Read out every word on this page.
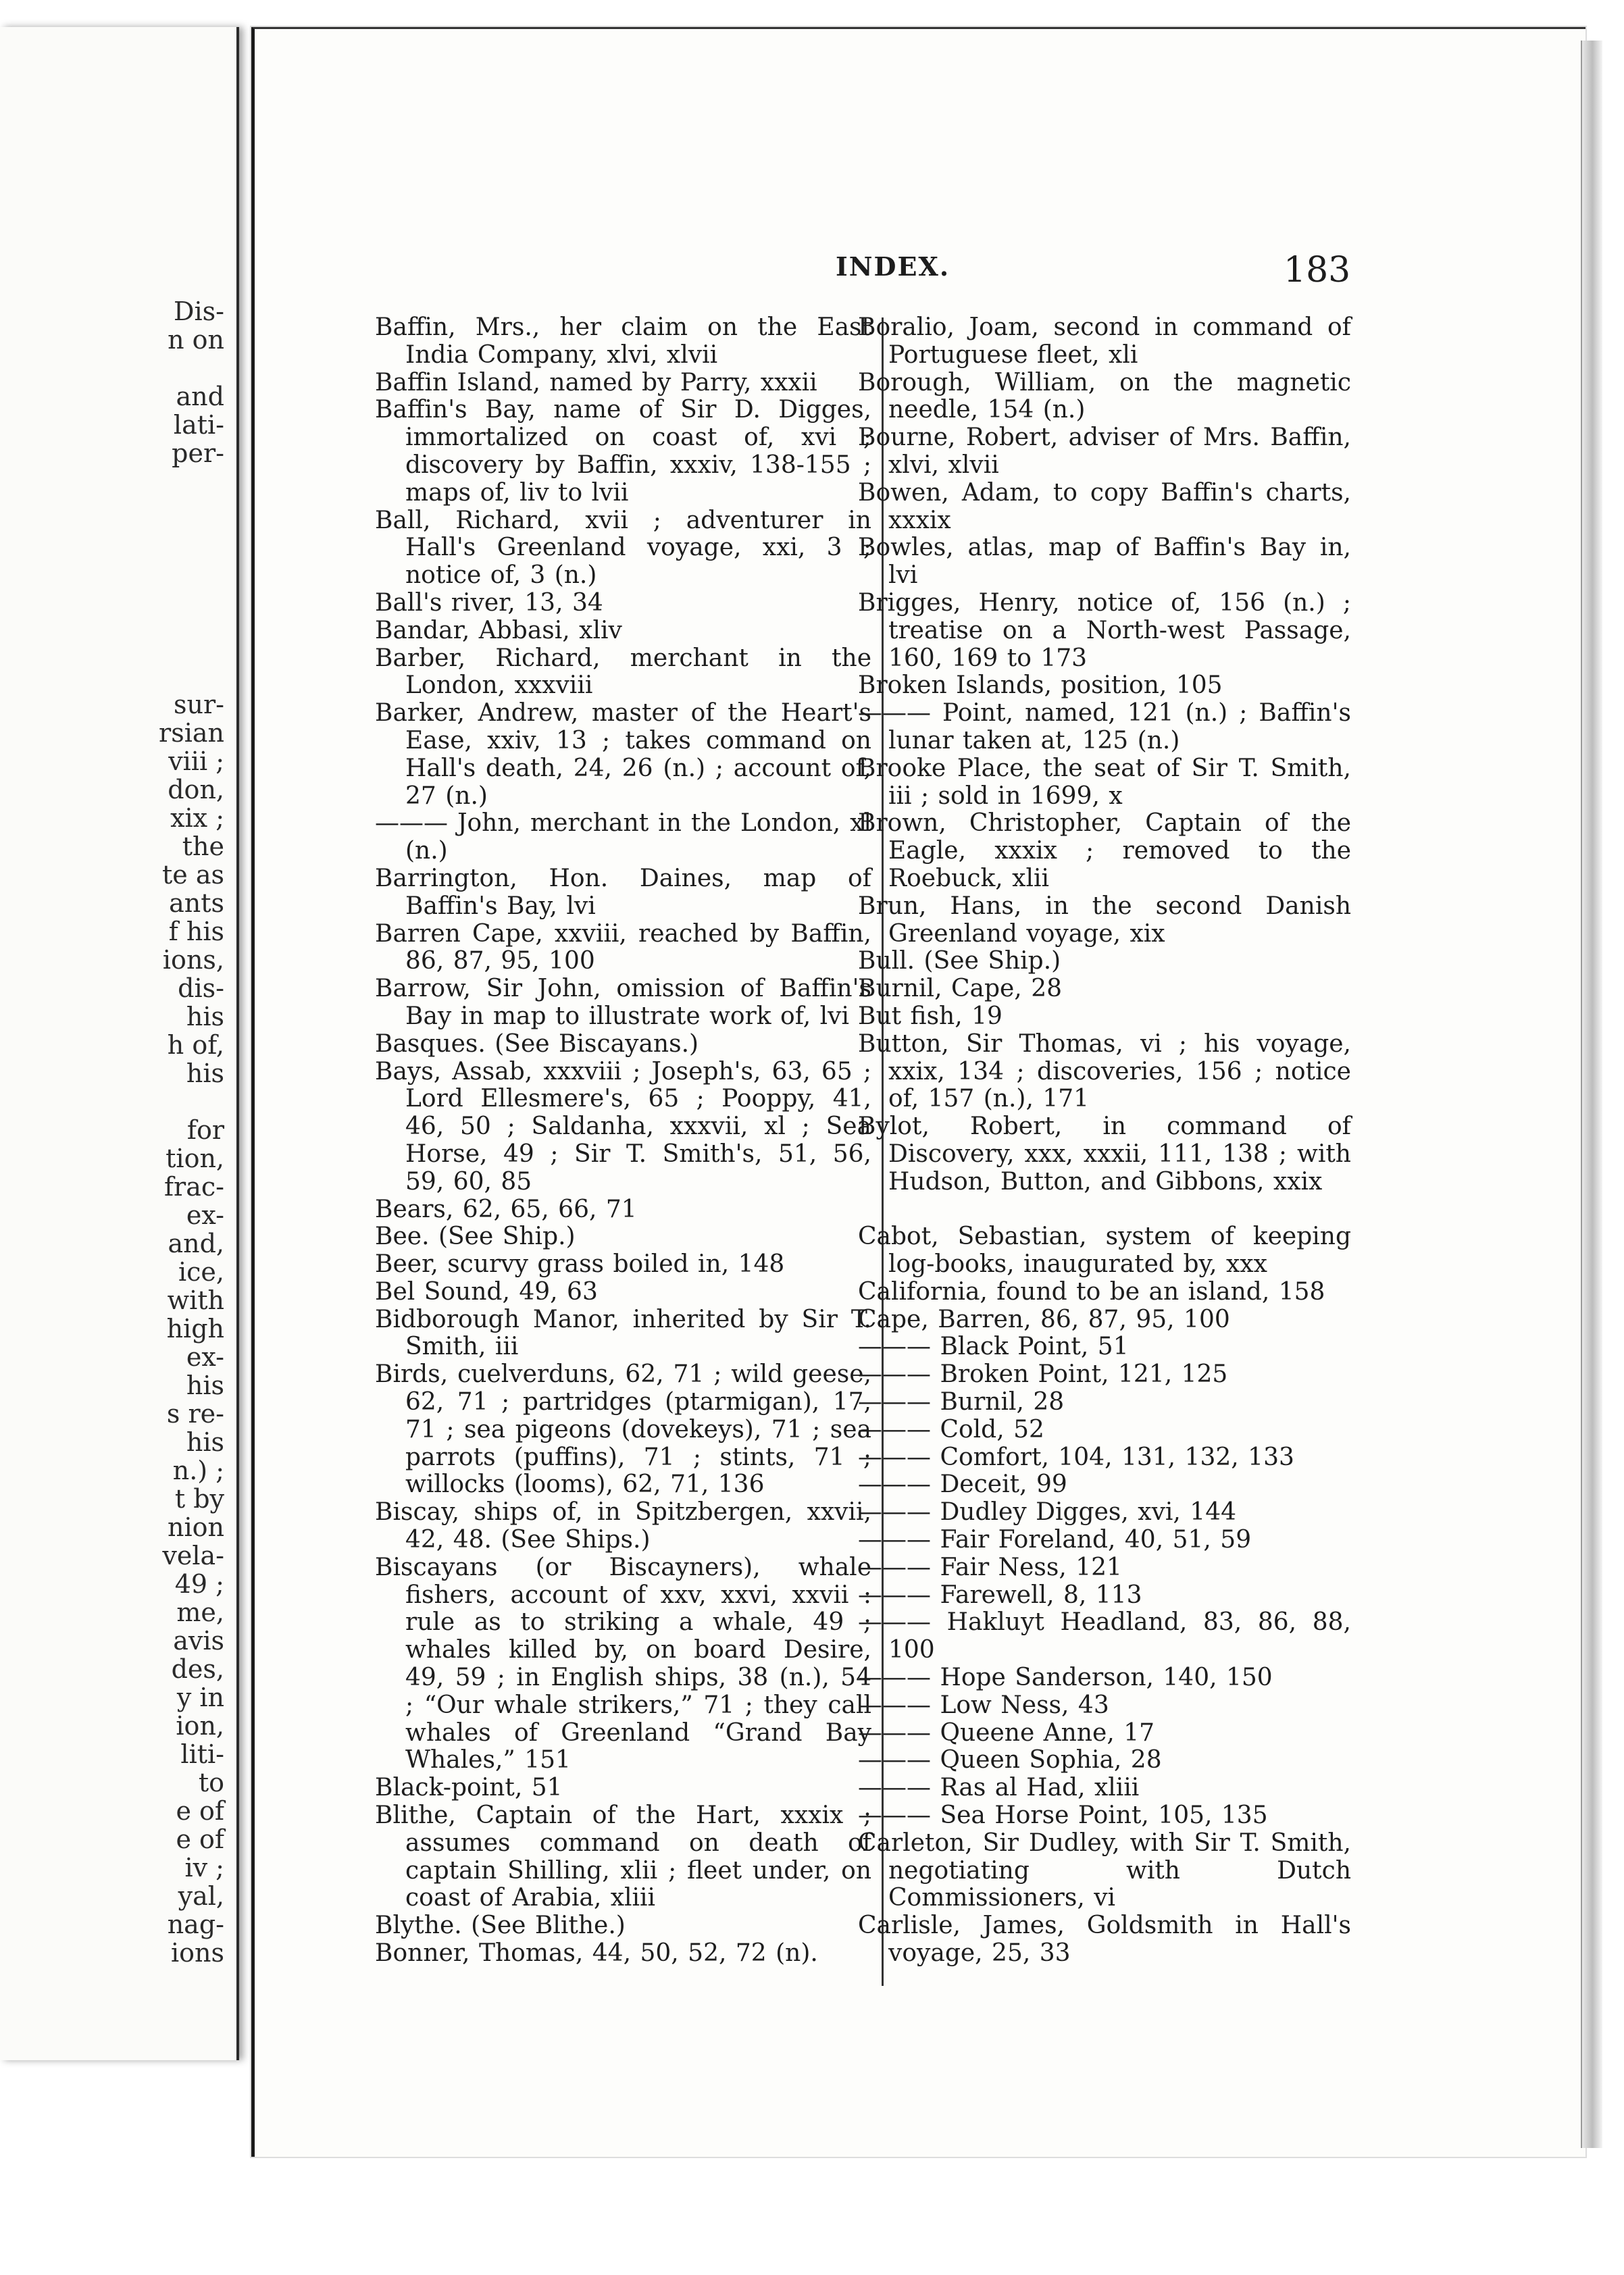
Dis-
n on
and
lati-
per-
sur-
rsian
viii ;
don,
xix ;
the
te as
ants
f his
ions,
dis-
his
h of,
his
for
tion,
frac-
ex-
and,
ice,
with
high
ex-
his
s re-
his
n.) ;
t by
nion
vela-
49 ;
me,
avis
des,
y in
ion,
liti-
to
e of
e of
iv ;
yal,
nag-
ions
INDEX.	183

Baffin, Mrs., her claim on the East India Company, xlvi, xlvii

Baffin Island, named by Parry, xxxii

Baffin's Bay, name of Sir D. Digges, immortalized on coast of, xvi ; discovery by Baffin, xxxiv, 138-155 ; maps of, liv to lvii

Ball, Richard, xvii ; adventurer in Hall's Greenland voyage, xxi, 3 ; notice of, 3 (n.)

Ball's river, 13, 34

Bandar, Abbasi, xliv

Barber, Richard, merchant in the London, xxxviii

Barker, Andrew, master of the Heart's Ease, xxiv, 13 ; takes command on Hall's death, 24, 26 (n.) ; account of, 27 (n.)

——— John, merchant in the London, xl (n.)

Barrington, Hon. Daines, map of Baffin's Bay, lvi

Barren Cape, xxviii, reached by Baffin, 86, 87, 95, 100

Barrow, Sir John, omission of Baffin's Bay in map to illustrate work of, lvi

Basques. (See Biscayans.)

Bays, Assab, xxxviii ; Joseph's, 63, 65 ; Lord Ellesmere's, 65 ; Pooppy, 41, 46, 50 ; Saldanha, xxxvii, xl ; Sea Horse, 49 ; Sir T. Smith's, 51, 56, 59, 60, 85

Bears, 62, 65, 66, 71

Bee. (See Ship.)

Beer, scurvy grass boiled in, 148

Bel Sound, 49, 63

Bidborough Manor, inherited by Sir T. Smith, iii

Birds, cuelverduns, 62, 71 ; wild geese, 62, 71 ; partridges (ptarmigan), 17, 71 ; sea pigeons (dovekeys), 71 ; sea parrots (puffins), 71 ; stints, 71 ; willocks (looms), 62, 71, 136

Biscay, ships of, in Spitzbergen, xxvii, 42, 48. (See Ships.)

Biscayans (or Biscayners), whale fishers, account of xxv, xxvi, xxvii : rule as to striking a whale, 49 ; whales killed by, on board Desire, 49, 59 ; in English ships, 38 (n.), 54 ; “Our whale strikers,” 71 ; they call whales of Greenland “Grand Bay Whales,” 151

Black-point, 51

Blithe, Captain of the Hart, xxxix ; assumes command on death of captain Shilling, xlii ; fleet under, on coast of Arabia, xliii

Blythe. (See Blithe.)

Bonner, Thomas, 44, 50, 52, 72 (n).

Boralio, Joam, second in command of Portuguese fleet, xli

Borough, William, on the magnetic needle, 154 (n.)

Bourne, Robert, adviser of Mrs. Baffin, xlvi, xlvii

Bowen, Adam, to copy Baffin's charts, xxxix

Bowles, atlas, map of Baffin's Bay in, lvi

Brigges, Henry, notice of, 156 (n.) ; treatise on a North-west Passage, 160, 169 to 173

Broken Islands, position, 105

——— Point, named, 121 (n.) ; Baffin's lunar taken at, 125 (n.)

Brooke Place, the seat of Sir T. Smith, iii ; sold in 1699, x

Brown, Christopher, Captain of the Eagle, xxxix ; removed to the Roebuck, xlii

Brun, Hans, in the second Danish Greenland voyage, xix

Bull. (See Ship.)

Burnil, Cape, 28

But fish, 19

Button, Sir Thomas, vi ; his voyage, xxix, 134 ; discoveries, 156 ; notice of, 157 (n.), 171

Bylot, Robert, in command of Discovery, xxx, xxxii, 111, 138 ; with Hudson, Button, and Gibbons, xxix

Cabot, Sebastian, system of keeping log-books, inaugurated by, xxx

California, found to be an island, 158

Cape, Barren, 86, 87, 95, 100

——— Black Point, 51

——— Broken Point, 121, 125

——— Burnil, 28

——— Cold, 52

——— Comfort, 104, 131, 132, 133

——— Deceit, 99

——— Dudley Digges, xvi, 144

——— Fair Foreland, 40, 51, 59

——— Fair Ness, 121

——— Farewell, 8, 113

——— Hakluyt Headland, 83, 86, 88, 100

——— Hope Sanderson, 140, 150

——— Low Ness, 43

——— Queene Anne, 17

——— Queen Sophia, 28

——— Ras al Had, xliii

——— Sea Horse Point, 105, 135

Carleton, Sir Dudley, with Sir T. Smith, negotiating with Dutch Commissioners, vi

Carlisle, James, Goldsmith in Hall's voyage, 25, 33
